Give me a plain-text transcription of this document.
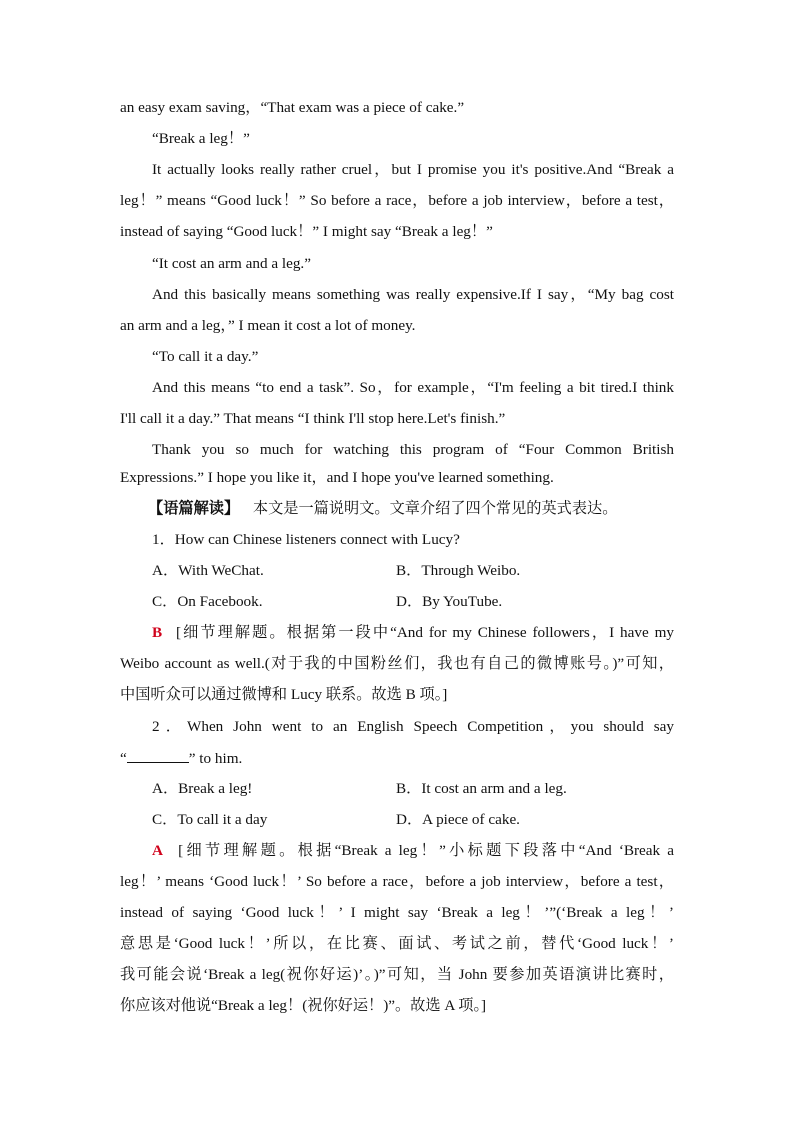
an easy exam saving，“That exam was a piece of cake.”
“Break a leg！”
It actually looks really rather cruel，but I promise you it's positive.And “Break a
leg！” means “Good luck！” So before a race，before a job interview，before a test，
instead of saying “Good luck！” I might say “Break a leg！”
“It cost an arm and a leg.”
And this basically means something was really expensive.If I say，“My bag cost
an arm and a leg，” I mean it cost a lot of money.
“To call it a day.”
And this means “to end a task”. So，for example，“I'm feeling a bit tired.I think
I'll call it a day.” That means “I think I'll stop here.Let's finish.”
Thank you so much for watching this program of “Four Common British
Expressions.” I hope you like it，and I hope you've learned something.
【语篇解读】 本文是一篇说明文。文章介绍了四个常见的英式表达。
1．How can Chinese listeners connect with Lucy?
A．With WeChat.	B．Through Weibo.
C．On Facebook.	D．By YouTube.
B [细节理解题。根据第一段中“And for my Chinese followers，I have my
Weibo account as well.(对于我的中国粉丝们，我也有自己的微博账号。)”可知，
中国听众可以通过微博和 Lucy 联系。故选 B 项。]
2．When John went to an English Speech Competition，you should say
“	” to him.
A．Break a leg!	B．It cost an arm and a leg.
C．To call it a day	D．A piece of cake.
A [细节理解题。根据“Break a leg！”小标题下段落中“And ‘Break a
leg！’ means ‘Good luck！’ So before a race，before a job interview，before a test，
instead of saying ‘Good luck！’ I might say ‘Break a leg！’”(‘Break a leg！’
意思是‘Good luck！’所以，在比赛、面试、考试之前，替代‘Good luck！’
我可能会说‘Break a leg(祝你好运)’。)”可知，当 John 要参加英语演讲比赛时，
你应该对他说“Break a leg！(祝你好运！)”。故选 A 项。]
